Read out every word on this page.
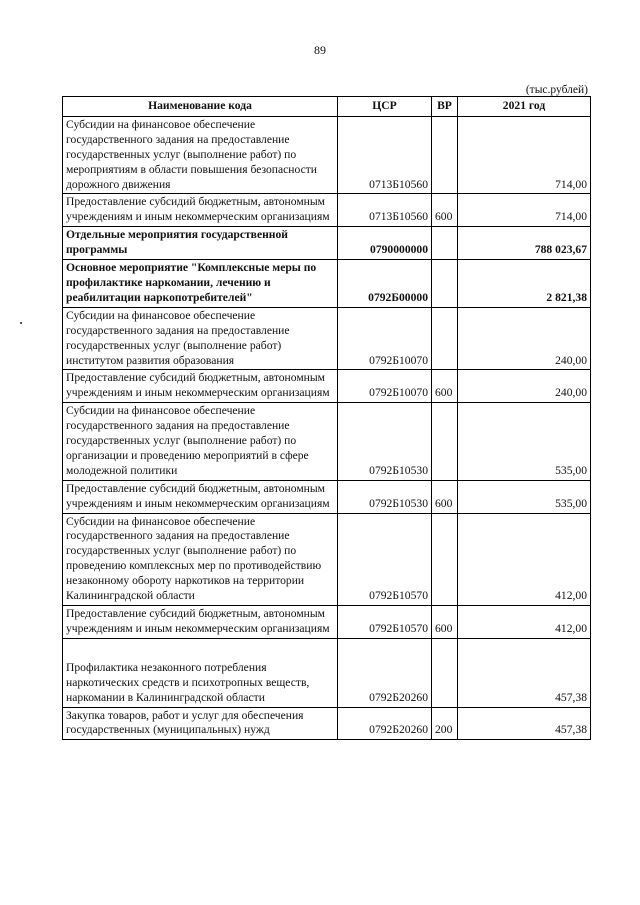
89
(тыс.рублей)
Наименование кода	ЦСР	ВР	2021 год
Субсидии на финансовое обеспечение государственного задания на предоставление государственных услуг (выполнение работ) по мероприятиям в области повышения безопасности дорожного движения	0713Б10560		714,00
Предоставление субсидий бюджетным, автономным учреждениям и иным некоммерческим организациям	0713Б10560	600	714,00
Отдельные мероприятия государственной программы	0790000000		788 023,67
Основное мероприятие "Комплексные меры по профилактике наркомании, лечению и реабилитации наркопотребителей"	0792Б00000		2 821,38
Субсидии на финансовое обеспечение государственного задания на предоставление государственных услуг (выполнение работ) институтом развития образования	0792Б10070		240,00
Предоставление субсидий бюджетным, автономным учреждениям и иным некоммерческим организациям	0792Б10070	600	240,00
Субсидии на финансовое обеспечение государственного задания на предоставление государственных услуг (выполнение работ) по организации и проведению мероприятий в сфере молодежной политики	0792Б10530		535,00
Предоставление субсидий бюджетным, автономным учреждениям и иным некоммерческим организациям	0792Б10530	600	535,00
Субсидии на финансовое обеспечение государственного задания на предоставление государственных услуг (выполнение работ) по проведению комплексных мер по противодействию незаконному обороту наркотиков на территории Калининградской области	0792Б10570		412,00
Предоставление субсидий бюджетным, автономным учреждениям и иным некоммерческим организациям	0792Б10570	600	412,00
Профилактика незаконного потребления наркотических средств и психотропных веществ, наркомании в Калининградской области	0792Б20260		457,38
Закупка товаров, работ и услуг для обеспечения государственных (муниципальных) нужд	0792Б20260	200	457,38
